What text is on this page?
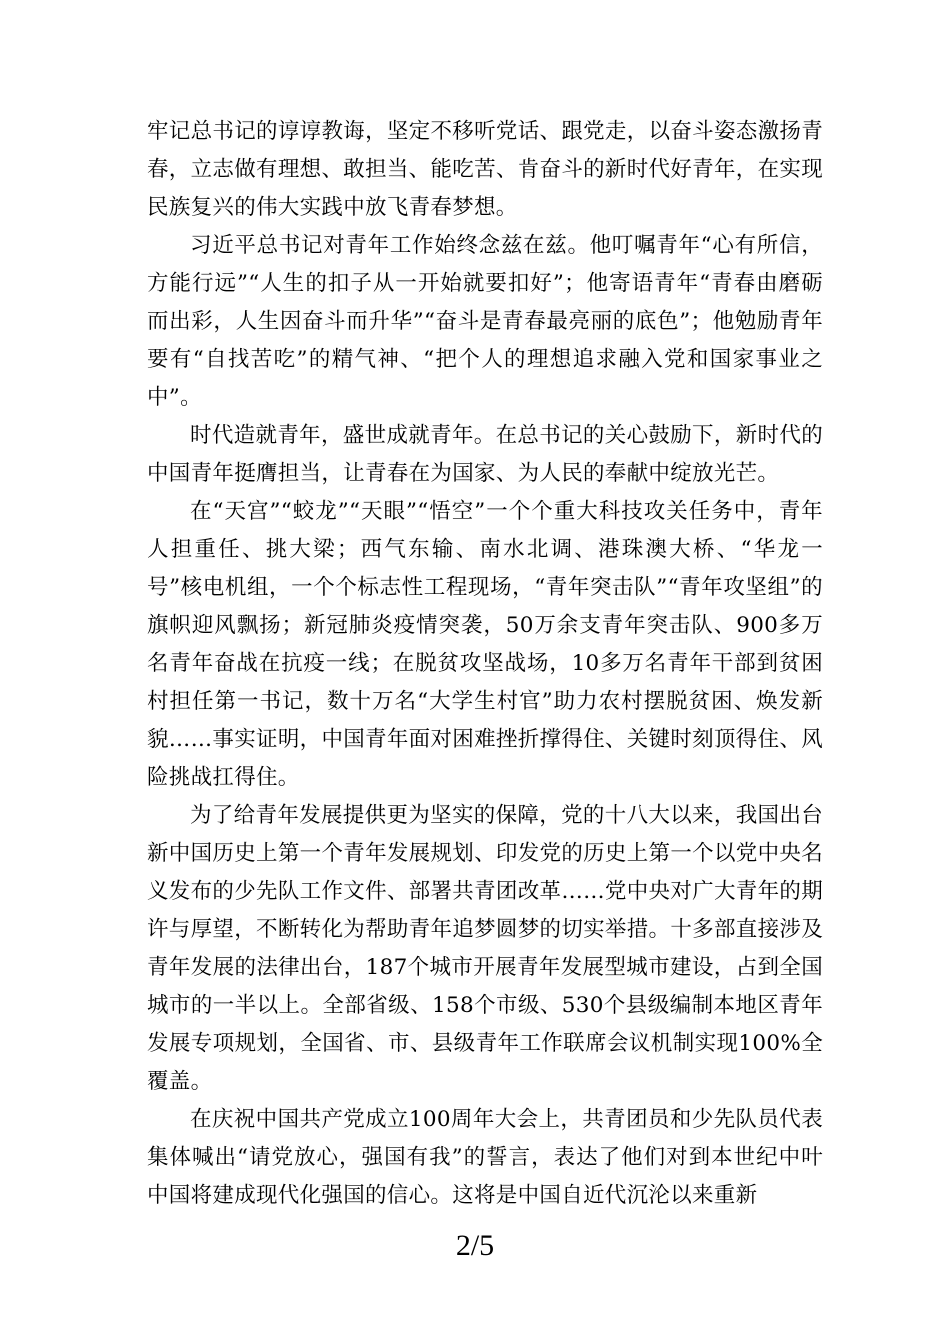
牢记总书记的谆谆教诲，坚定不移听党话、跟党走，以奋斗姿态激扬青春，立志做有理想、敢担当、能吃苦、肯奋斗的新时代好青年，在实现民族复兴的伟大实践中放飞青春梦想。

习近平总书记对青年工作始终念兹在兹。他叮嘱青年“心有所信，方能行远”“人生的扣子从一开始就要扣好”；他寄语青年“青春由磨砺而出彩，人生因奋斗而升华”“奋斗是青春最亮丽的底色”；他勉励青年要有“自找苦吃”的精气神、“把个人的理想追求融入党和国家事业之中”。

时代造就青年，盛世成就青年。在总书记的关心鼓励下，新时代的中国青年挺膺担当，让青春在为国家、为人民的奉献中绽放光芒。

在“天宫”“蛟龙”“天眼”“悟空”一个个重大科技攻关任务中，青年人担重任、挑大梁；西气东输、南水北调、港珠澳大桥、“华龙一号”核电机组，一个个标志性工程现场，“青年突击队”“青年攻坚组”的旗帜迎风飘扬；新冠肺炎疫情突袭，50万余支青年突击队、900多万名青年奋战在抗疫一线；在脱贫攻坚战场，10多万名青年干部到贫困村担任第一书记，数十万名“大学生村官”助力农村摆脱贫困、焕发新貌……事实证明，中国青年面对困难挫折撑得住、关键时刻顶得住、风险挑战扛得住。

为了给青年发展提供更为坚实的保障，党的十八大以来，我国出台新中国历史上第一个青年发展规划、印发党的历史上第一个以党中央名义发布的少先队工作文件、部署共青团改革……党中央对广大青年的期许与厚望，不断转化为帮助青年追梦圆梦的切实举措。十多部直接涉及青年发展的法律出台，187个城市开展青年发展型城市建设，占到全国城市的一半以上。全部省级、158个市级、530个县级编制本地区青年发展专项规划，全国省、市、县级青年工作联席会议机制实现100%全覆盖。

在庆祝中国共产党成立100周年大会上，共青团员和少先队员代表集体喊出“请党放心，强国有我”的誓言，表达了他们对到本世纪中叶中国将建成现代化强国的信心。这将是中国自近代沉沦以来重新

2/5
